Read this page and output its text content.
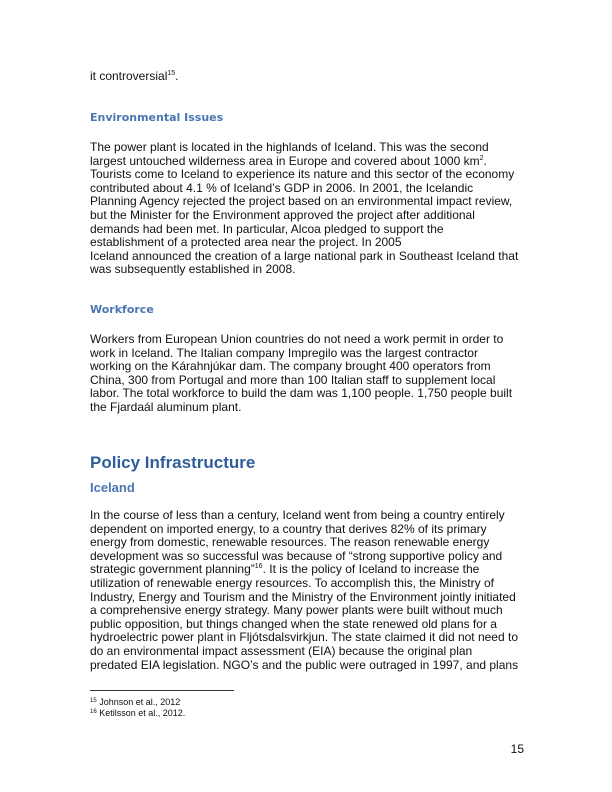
it controversial$^{15}$.
Environmental Issues
The power plant is located in the highlands of Iceland. This was the second
largest untouched wilderness area in Europe and covered about 1000 $km^2$.
Tourists come to Iceland to experience its nature and this sector of the economy
contributed about 4.1 % of Iceland’s GDP in 2006. In 2001, the Icelandic
Planning Agency rejected the project based on an environmental impact review,
but the Minister for the Environment approved the project after additional
demands had been met. In particular, Alcoa pledged to support the
establishment of a protected area near the project. In 2005
Iceland announced the creation of a large national park in Southeast Iceland that
was subsequently established in 2008.
Workforce
Workers from European Union countries do not need a work permit in order to
work in Iceland. The Italian company Impregilo was the largest contractor
working on the Kárahnjúkar dam. The company brought 400 operators from
China, 300 from Portugal and more than 100 Italian staff to supplement local
labor. The total workforce to build the dam was 1,100 people. 1,750 people built
the Fjardaál aluminum plant.
Policy Infrastructure
Iceland
In the course of less than a century, Iceland went from being a country entirely
dependent on imported energy, to a country that derives 82% of its primary
energy from domestic, renewable resources. The reason renewable energy
development was so successful was because of “strong supportive policy and
strategic government planning”$^{16}$. It is the policy of Iceland to increase the
utilization of renewable energy resources. To accomplish this, the Ministry of
Industry, Energy and Tourism and the Ministry of the Environment jointly initiated
a comprehensive energy strategy. Many power plants were built without much
public opposition, but things changed when the state renewed old plans for a
hydroelectric power plant in Fljótsdalsvirkjun. The state claimed it did not need to
do an environmental impact assessment (EIA) because the original plan
predated EIA legislation. NGO’s and the public were outraged in 1997, and plans
$^{15}$ Johnson et al., 2012
$^{16}$ Ketilsson et al., 2012.
15
